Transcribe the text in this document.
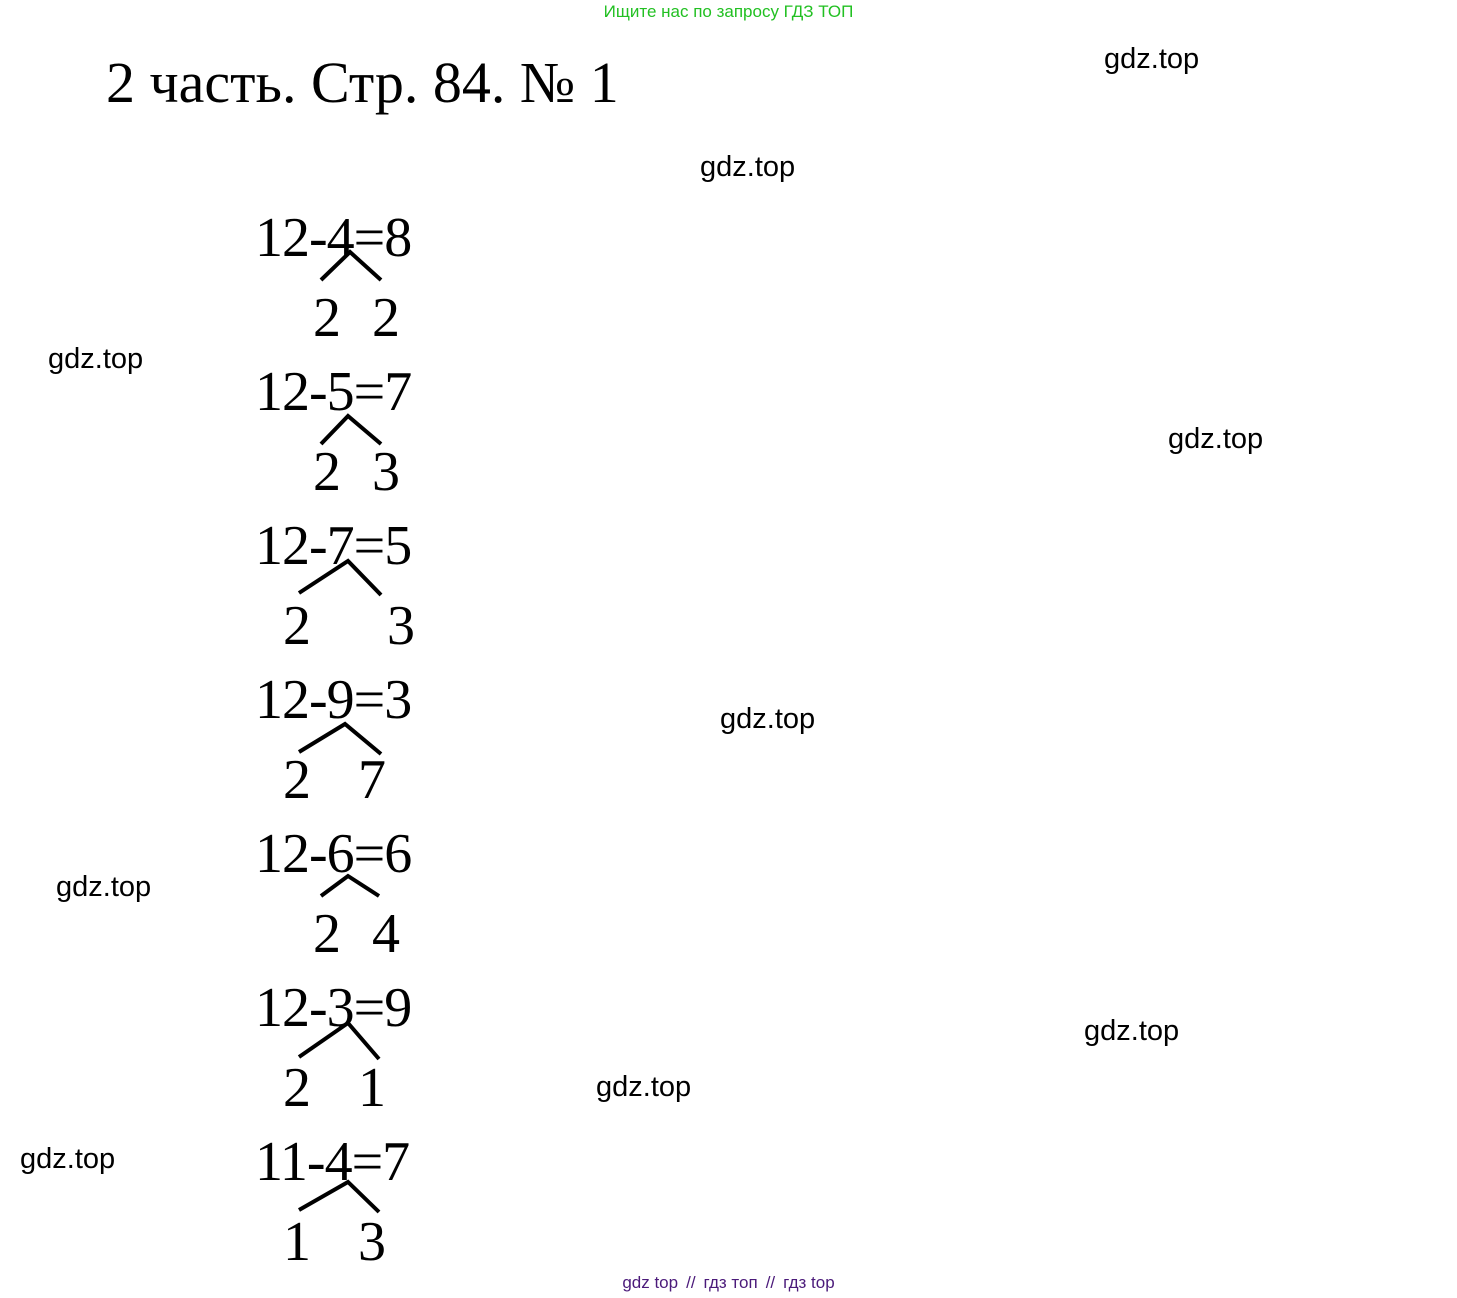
Ищите нас по запросу ГДЗ ТОП
2 часть. Стр. 84. № 1	gdz.top
gdz.top
gdz.top
gdz.top
gdz.top
gdz.top
gdz.top
gdz.top
gdz.top
12-4=8
2 2
12-5=7
2 3
12-7=5
2 3
12-9=3
2 7
12-6=6
2 4
12-3=9
2 1
11-4=7
1 3
gdz top // гдз топ // гдз top
